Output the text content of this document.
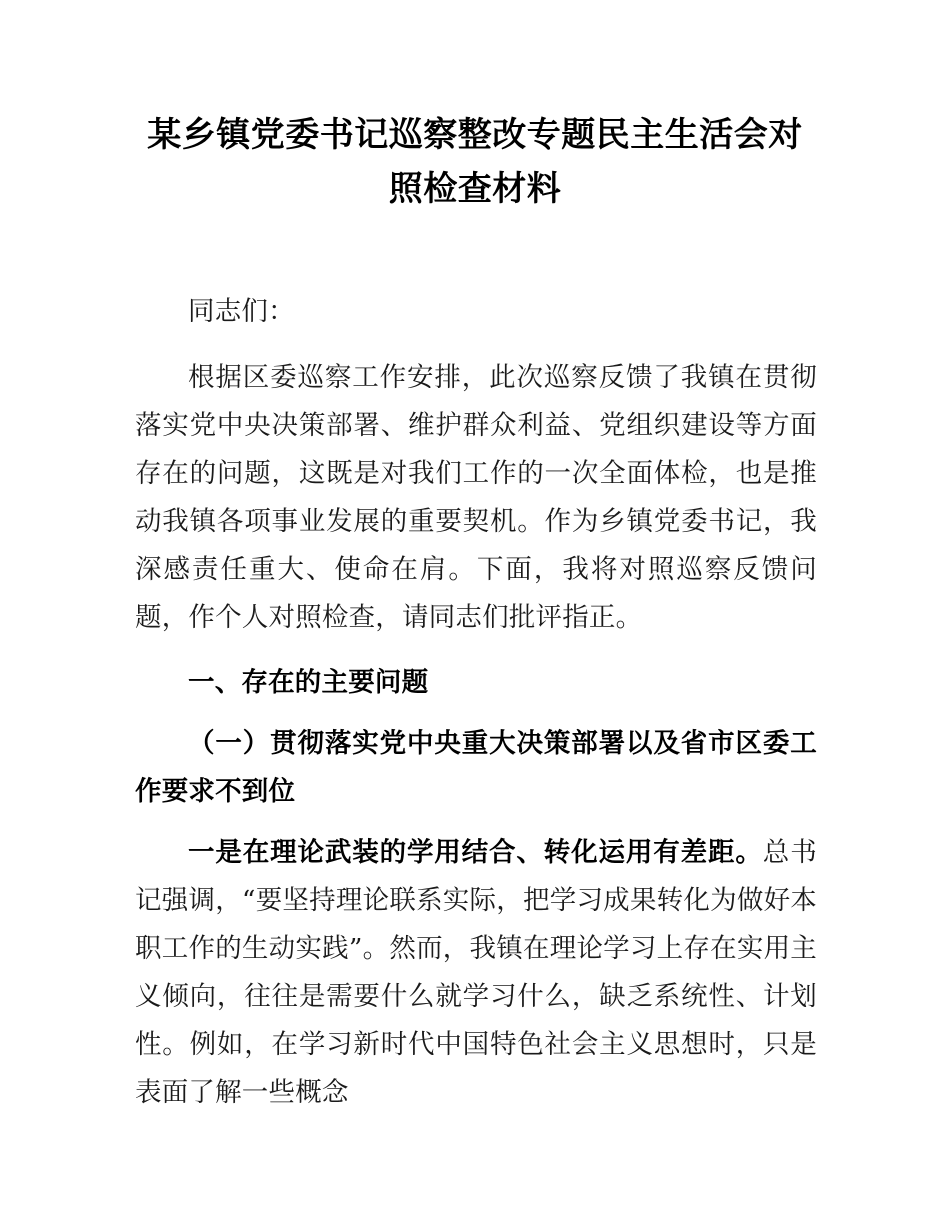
某乡镇党委书记巡察整改专题民主生活会对 照检查材料

同志们：

根据区委巡察工作安排，此次巡察反馈了我镇在贯彻落实党中央决策部署、维护群众利益、党组织建设等方面存在的问题，这既是对我们工作的一次全面体检，也是推动我镇各项事业发展的重要契机。作为乡镇党委书记，我深感责任重大、使命在肩。下面，我将对照巡察反馈问题，作个人对照检查，请同志们批评指正。

一、存在的主要问题

（一）贯彻落实党中央重大决策部署以及省市区委工作要求不到位

一是在理论武装的学用结合、转化运用有差距。总书记强调，“要坚持理论联系实际，把学习成果转化为做好本职工作的生动实践”。然而，我镇在理论学习上存在实用主义倾向，往往是需要什么就学习什么，缺乏系统性、计划性。例如，在学习新时代中国特色社会主义思想时，只是表面了解一些概念
